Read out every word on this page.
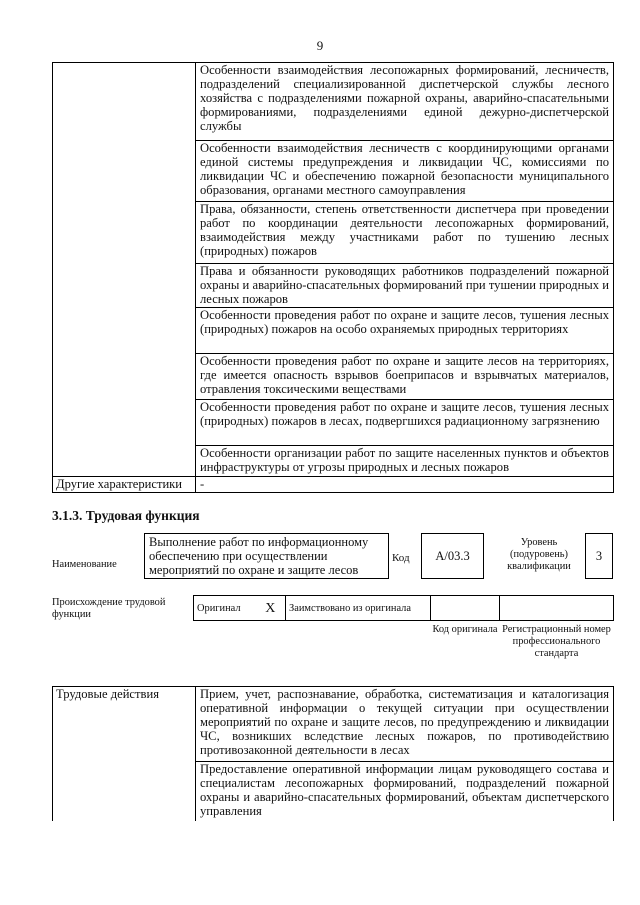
9
	Особенности взаимодействия лесопожарных формирований, лесничеств, подразделений специализированной диспетчерской службы лесного хозяйства с подразделениями пожарной охраны, аварийно-спасательными формированиями, подразделениями единой дежурно-диспетчерской службы
	Особенности взаимодействия лесничеств с координирующими органами единой системы предупреждения и ликвидации ЧС, комиссиями по ликвидации ЧС и обеспечению пожарной безопасности муниципального образования, органами местного самоуправления
	Права, обязанности, степень ответственности диспетчера при проведении работ по координации деятельности лесопожарных формирований, взаимодействия между участниками работ по тушению лесных (природных) пожаров
	Права и обязанности руководящих работников подразделений пожарной охраны и аварийно-спасательных формирований при тушении природных и лесных пожаров
	Особенности проведения работ по охране и защите лесов, тушения лесных (природных) пожаров на особо охраняемых природных территориях
	Особенности проведения работ по охране и защите лесов на территориях, где имеется опасность взрывов боеприпасов и взрывчатых материалов, отравления токсическими веществами
	Особенности проведения работ по охране и защите лесов, тушения лесных (природных) пожаров в лесах, подвергшихся радиационному загрязнению
	Особенности организации работ по защите населенных пунктов и объектов инфраструктуры от угрозы природных и лесных пожаров
Другие характеристики	-
3.1.3. Трудовая функция
Наименование
Выполнение работ по информационному обеспечению при осуществлении мероприятий по охране и защите лесов
Код	А/03.3
Уровень (подуровень) квалификации
3
Происхождение трудовой функции
Оригинал	X	Заимствовано из оригинала		
Код оригинала Регистрационный номер профессионального стандарта
Трудовые действия	Прием, учет, распознавание, обработка, систематизация и каталогизация оперативной информации о текущей ситуации при осуществлении мероприятий по охране и защите лесов, по предупреждению и ликвидации ЧС, возникших вследствие лесных пожаров, по противодействию противозаконной деятельности в лесах
	Предоставление оперативной информации лицам руководящего состава и специалистам лесопожарных формирований, подразделений пожарной охраны и аварийно-спасательных формирований, объектам диспетчерского управления
